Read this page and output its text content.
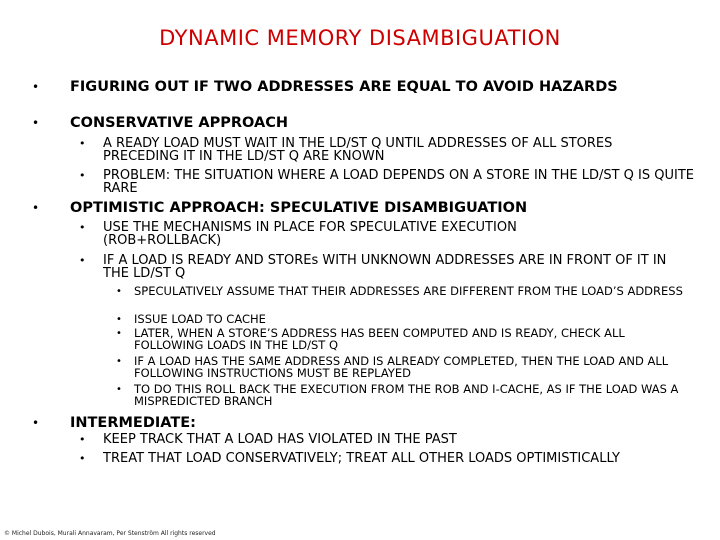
DYNAMIC MEMORY DISAMBIGUATION
• FIGURING OUT IF TWO ADDRESSES ARE EQUAL TO AVOID HAZARDS
• CONSERVATIVE APPROACH
• A READY LOAD MUST WAIT IN THE LD/ST Q UNTIL ADDRESSES OF ALL STORES PRECEDING IT IN THE LD/ST Q ARE KNOWN
• PROBLEM: THE SITUATION WHERE A LOAD DEPENDS ON A STORE IN THE LD/ST Q IS QUITE RARE
• OPTIMISTIC APPROACH: SPECULATIVE DISAMBIGUATION
• USE THE MECHANISMS IN PLACE FOR SPECULATIVE EXECUTION (ROB+ROLLBACK)
• IF A LOAD IS READY AND STOREs WITH UNKNOWN ADDRESSES ARE IN FRONT OF IT IN THE LD/ST Q
• SPECULATIVELY ASSUME THAT THEIR ADDRESSES ARE DIFFERENT FROM THE LOAD’S ADDRESS
• ISSUE LOAD TO CACHE
• LATER, WHEN A STORE’S ADDRESS HAS BEEN COMPUTED AND IS READY, CHECK ALL FOLLOWING LOADS IN THE LD/ST Q
• IF A LOAD HAS THE SAME ADDRESS AND IS ALREADY COMPLETED, THEN THE LOAD AND ALL FOLLOWING INSTRUCTIONS MUST BE REPLAYED
• TO DO THIS ROLL BACK THE EXECUTION FROM THE ROB AND I-CACHE, AS IF THE LOAD WAS A MISPREDICTED BRANCH
• INTERMEDIATE:
• KEEP TRACK THAT A LOAD HAS VIOLATED IN THE PAST
• TREAT THAT LOAD CONSERVATIVELY; TREAT ALL OTHER LOADS OPTIMISTICALLY
© Michel Dubois, Murali Annavaram, Per Stenström All rights reserved
